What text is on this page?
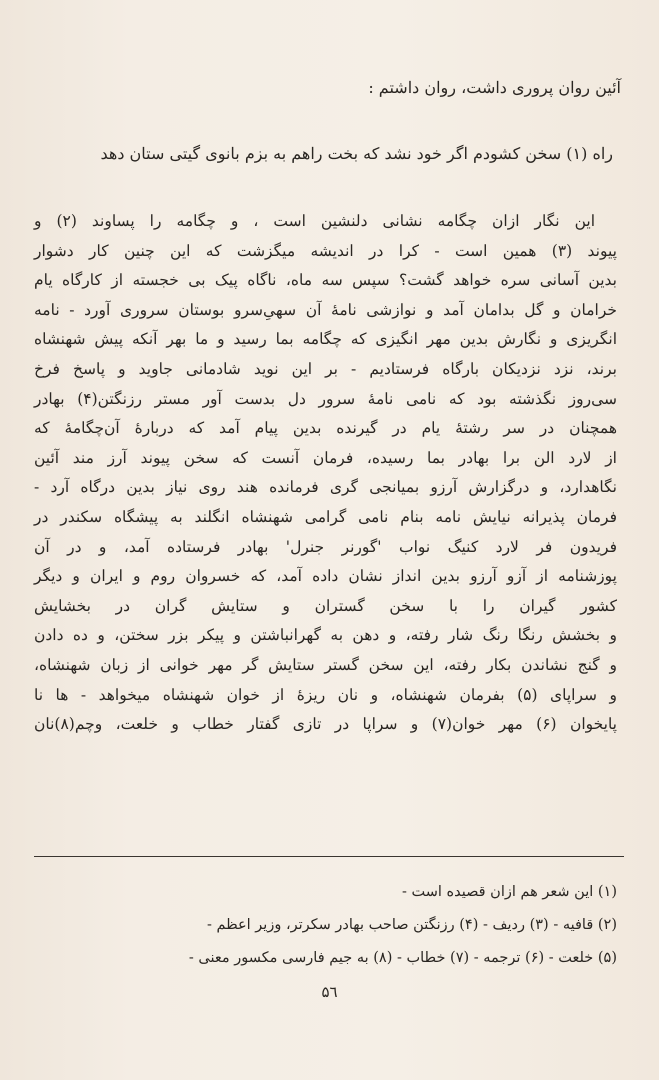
آئین روان پروری داشت، روان داشتم :
راه (۱) سخن کشودم اگر خود نشد که بخت راهم به بزم بانوی گیتی ستان دهد
این نگار ازان چگامه نشانی دلنشین است ، و چگامه را پساوند (۲) و
پیوند (۳) همین است - کرا در اندیشه میگزشت که این چنین کار دشوار
بدین آسانی سره خواهد گشت؟ سپس سه ماه، ناگاه پیک بی خجسته از کارگاه یام
خرامان و گل بدامان آمد و نوازشی نامهٔ آن سهیِ‌سرو بوستان سروری آورد - نامه
انگریزی و نگارش بدین مهر انگیزی که چگامه بما رسید و ما بهر آنکه پیش شهنشاه
برند، نزد نزدیکان بارگاه فرستادیم - بر این نوید شادمانی جاوید و پاسخ فرخ
سی‌روز نگذشته بود که نامی نامهٔ سرور دل بدست آور مستر رزنگتن(۴) بهادر
همچنان در سر رشتهٔ یام در گیرنده بدین پیام آمد که دربارهٔ آن‌چگامه‌ٔ که
از لارد الن برا بهادر بما رسیده، فرمان آنست که سخن پیوند آرز مند آئین
نگاهدارد، و درگزارش آرزو بمیانجی گری فرمانده هند روی نیاز بدین درگاه آرد -
فرمان پذیرانه نیایش نامه بنام نامی گرامی شهنشاه انگلند به پیشگاه سکندر در
فریدون فر لارد کنیگ نواب 'گورنر جنرل' بهادر فرستاده آمد، و در آن
پوزشنامه از آزو آرزو بدین انداز نشان داده آمد، که خسروان روم و ایران و دیگر
کشور گیران را با سخن گستران و ستایش گران در بخشایش
و بخشش رنگا رنگ شار رفته، و دهن به گهرانباشتن و پیکر بزر سختن، و ده دادن
و گنج نشاندن بکار رفته، این سخن گستر ستایش گر مهر خوانی از زبان شهنشاه،
و سراپای (۵) بفرمان شهنشاه، و نان ریزهٔ از خوان شهنشاه میخواهد - ها نا
پایخوان (۶) مهر خوان(۷) و سراپا در تازی گفتار خطاب و خلعت، وچم(۸)نان
(۱) این شعر هم ازان قصیده است -
(۲) قافیه - (۳) ردیف - (۴) رزنگتن صاحب بهادر سکرتر، وزیر اعظم -
(۵) خلعت - (۶) ترجمه - (۷) خطاب - (۸) به جیم فارسی مکسور معنی -
۵٦
